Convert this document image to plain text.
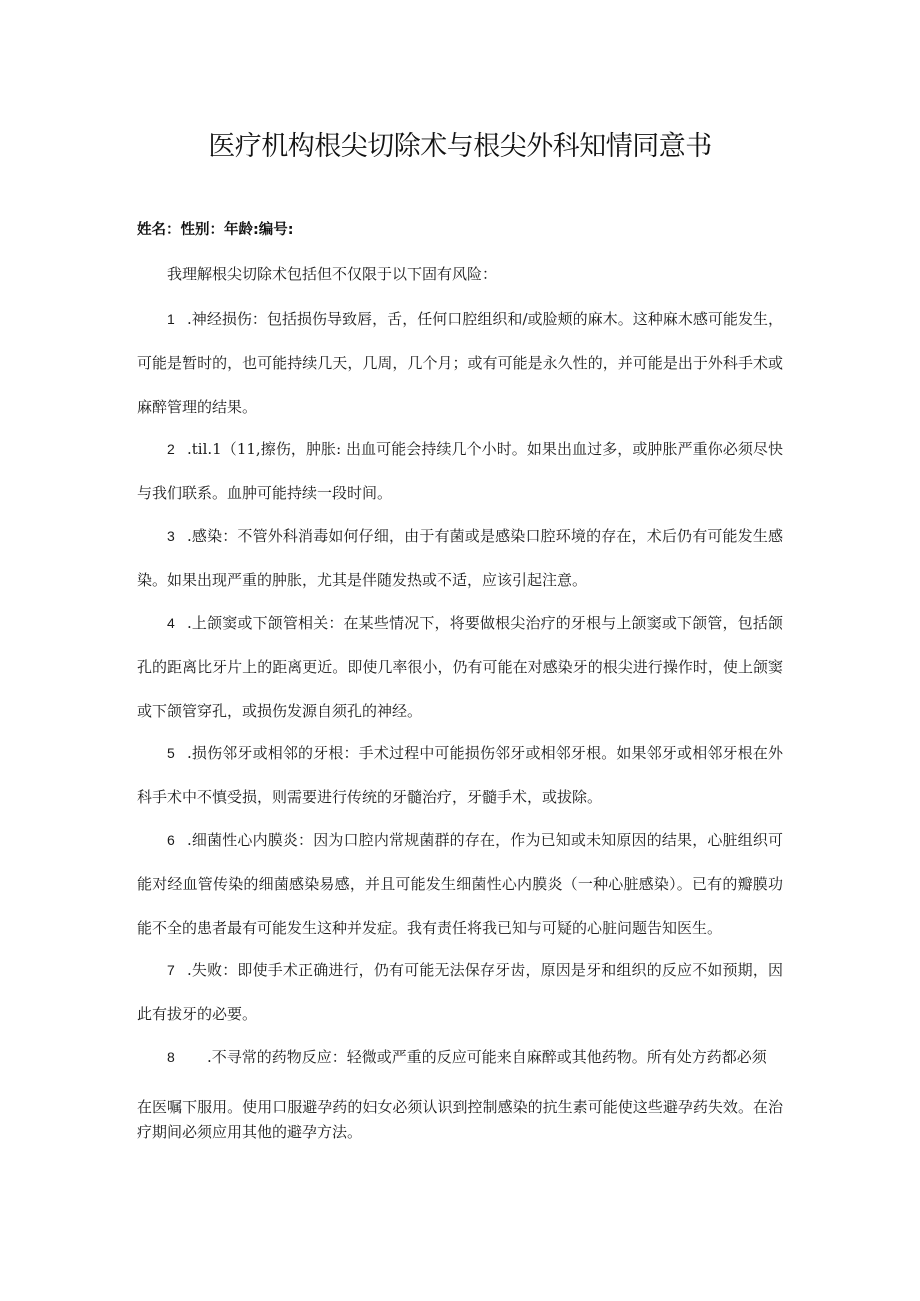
医疗机构根尖切除术与根尖外科知情同意书
姓名：性别：年龄:编号:
我理解根尖切除术包括但不仅限于以下固有风险：

1 .神经损伤：包括损伤导致唇，舌，任何口腔组织和/或脸颊的麻木。这种麻木感可能发生，可能是暂时的，也可能持续几天，几周，几个月；或有可能是永久性的，并可能是出于外科手术或麻醉管理的结果。

2 .til.1（11,擦伤，肿胀: 出血可能会持续几个小时。如果出血过多，或肿胀严重你必须尽快与我们联系。血肿可能持续一段时间。

3 .感染：不管外科消毒如何仔细，由于有菌或是感染口腔环境的存在，术后仍有可能发生感染。如果出现严重的肿胀，尤其是伴随发热或不适，应该引起注意。

4 .上颌窦或下颌管相关：在某些情况下，将要做根尖治疗的牙根与上颌窦或下颌管，包括颌孔的距离比牙片上的距离更近。即使几率很小，仍有可能在对感染牙的根尖进行操作时，使上颌窦或下颌管穿孔，或损伤发源自须孔的神经。

5 .损伤邻牙或相邻的牙根：手术过程中可能损伤邻牙或相邻牙根。如果邻牙或相邻牙根在外科手术中不慎受损，则需要进行传统的牙髓治疗，牙髓手术，或拔除。

6 .细菌性心内膜炎：因为口腔内常规菌群的存在，作为已知或未知原因的结果，心脏组织可能对经血管传染的细菌感染易感，并且可能发生细菌性心内膜炎（一种心脏感染）。已有的瓣膜功能不全的患者最有可能发生这种并发症。我有责任将我已知与可疑的心脏问题告知医生。

7 .失败：即使手术正确进行，仍有可能无法保存牙齿，原因是牙和组织的反应不如预期，因此有拔牙的必要。

8 .不寻常的药物反应：轻微或严重的反应可能来自麻醉或其他药物。所有处方药都必须

在医嘱下服用。使用口服避孕药的妇女必须认识到控制感染的抗生素可能使这些避孕药失效。在治疗期间必须应用其他的避孕方法。
